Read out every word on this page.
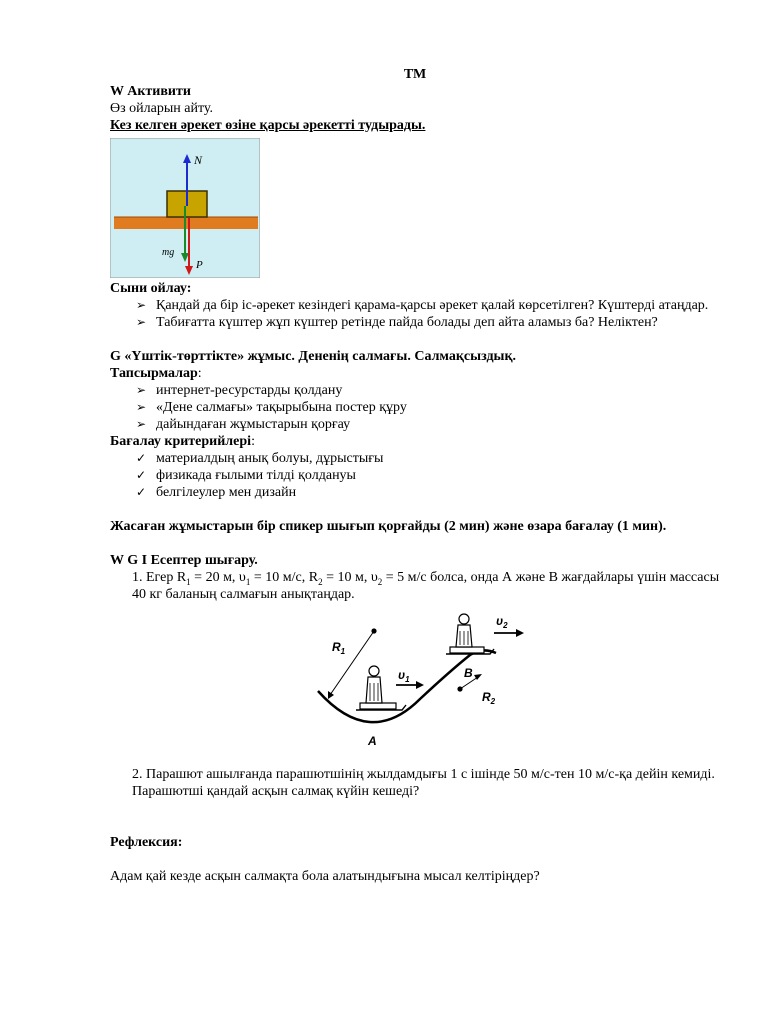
ТМ
W Активити
Өз ойларын айту.
Кез келген әрекет өзіне қарсы әрекетті тудырады.
N
mg
P
Сыни ойлау:
➢ Қандай да бір іс-әрекет кезіндегі қарама-қарсы әрекет қалай көрсетілген? Күштерді атаңдар.
➢ Табиғатта күштер жұп күштер ретінде пайда болады деп айта аламыз ба? Неліктен?
G «Үштік-төрттікте» жұмыс. Дененің салмағы. Салмақсыздық.
Тапсырмалар:
➢ интернет-ресурстарды қолдану
➢ «Дене салмағы» тақырыбына постер құру
➢ дайындаған жұмыстарын қорғау
Бағалау критерийлері:
✓ материалдың анық болуы, дұрыстығы
✓ физикада ғылыми тілді қолдануы
✓ белгілеулер мен дизайн
Жасаған жұмыстарын бір спикер шығып қорғайды (2 мин) және өзара бағалау (1 мин).
W G I Есептер шығару.
1. Егер $R_1 = 20$ м, $\upsilon_1 = 10$ м/с, $R_2 = 10$ м, $\upsilon_2 = 5$ м/с болса, онда А және В жағдайлары үшін массасы 40 кг баланың салмағын анықтаңдар.
$R_1$
$R_2$
$\upsilon_1$
A
$\upsilon_2$
B
2. Парашют ашылғанда парашютшінің жылдамдығы 1 с ішінде 50 м/с-тен 10 м/с-қа дейін кемиді. Парашютші қандай асқын салмақ күйін кешеді?
Рефлексия:
Адам қай кезде асқын салмақта бола алатындығына мысал келтіріңдер?
